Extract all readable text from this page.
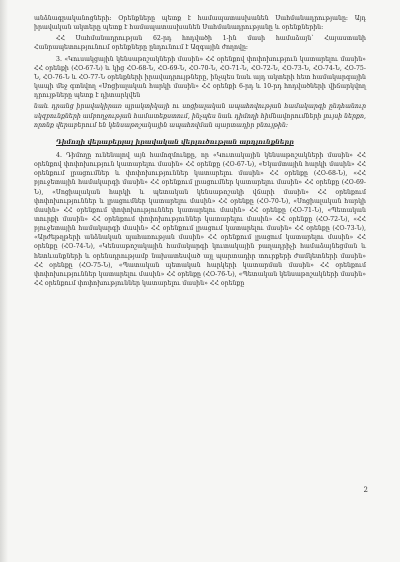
անձնագրականոցների: Օրենքները պետք է համապատասխանեն Սահմանադրությանը: Այդ իրավական ակտերը պետք է համապատասխանեն Սահմանադրությանը և օրենքներին:

ՀՀ Սահմանադրության 62-րդ հոդվածի 1-ին մասի համաձայն՝ Հայաստանի Հանրապետությունում օրենքները ընդունում է Ազգային ժողովը:

3. «Կուսակցային կենսաթոշակների մասին» ՀՀ օրենքով փոփոխություն կատարելու մասին» ՀՀ օրենքի (ՀՕ-67-Ն) և կից ՀՕ-68-Ն, ՀՕ-69-Ն, ՀՕ-70-Ն, ՀՕ-71-Ն, ՀՕ-72-Ն, ՀՕ-73-Ն, ՀՕ-74-Ն, ՀՕ-75-Ն, ՀՕ-76-Ն և ՀՕ-77-Ն օրենքների իրավադրույթները, ինչպես նաև այդ ակտերի հետ համակարգային կապի մեջ գտնվող «Սոցիալական հարկի մասին» ՀՀ օրենքի 6-րդ և 10-րդ հոդվածների վիճարկվող դրույթները պետք է դիտարկվեն

նաև դրանց իրավակիրառ պրակտիկայի ու սոցիալական ապահովության համակարգի ընդհանուր սկզբունքների ամբողջության համատեքստում, ինչպես նաև դիմողի հիմնավորումների լույսի ներքո, որոնք վերաբերում են կենսաթոշակային ապահովման պարտադիր բնույթին:

Դիմողի վերաբերյալ իրավական վերլուծության արդյունքները

4. Դիմողը ունենալով այն համոզմունքը, որ «Կուտակային կենսաթոշակների մասին» ՀՀ օրենքով փոփոխություն կատարելու մասին» ՀՀ օրենքը (ՀՕ-67-Ն), «Եկամտային հարկի մասին» ՀՀ օրենքում լրացումներ և փոփոխություններ կատարելու մասին» ՀՀ օրենքը (ՀՕ-68-Ն), «ՀՀ բյուջետային համակարգի մասին» ՀՀ օրենքում լրացումներ կատարելու մասին» ՀՀ օրենքը (ՀՕ-69-Ն), «Սոցիալական հարկի և պետական կենսաթոշակի վճարի մասին» ՀՀ օրենքում փոփոխություններ և լրացումներ կատարելու մասին» ՀՀ օրենքը (ՀՕ-70-Ն), «Սոցիալական հարկի մասին» ՀՀ օրենքում փոփոխություններ կատարելու մասին» ՀՀ օրենքը (ՀՕ-71-Ն), «Պետական տուրքի մասին» ՀՀ օրենքում փոփոխություններ կատարելու մասին» ՀՀ օրենքը (ՀՕ-72-Ն), «ՀՀ բյուջետային համակարգի մասին» ՀՀ օրենքում լրացում կատարելու մասին» ՀՀ օրենքը (ՀՕ-73-Ն), «Արժեթղթերի անձնական պահառության մասին» ՀՀ օրենքում լրացում կատարելու մասին» ՀՀ օրենքը (ՀՕ-74-Ն), «Կենսաթոշակային համակարգի կուտակային բաղադրիչի համաձայնեցման և հետևանքների և օրենսդրությամբ նախատեսված այլ պարտադիր տուրքերի ժամկետների մասին» ՀՀ օրենքը (ՀՕ-75-Ն), «Պատական պետական հարկերի կատարման մասին» ՀՀ օրենքում փոփոխություններ կատարելու մասին» ՀՀ օրենքը (ՀՕ-76-Ն), «Պետական կենսաթոշակների մասին» ՀՀ օրենքում փոփոխություններ կատարելու մասին» ՀՀ օրենքը

2
